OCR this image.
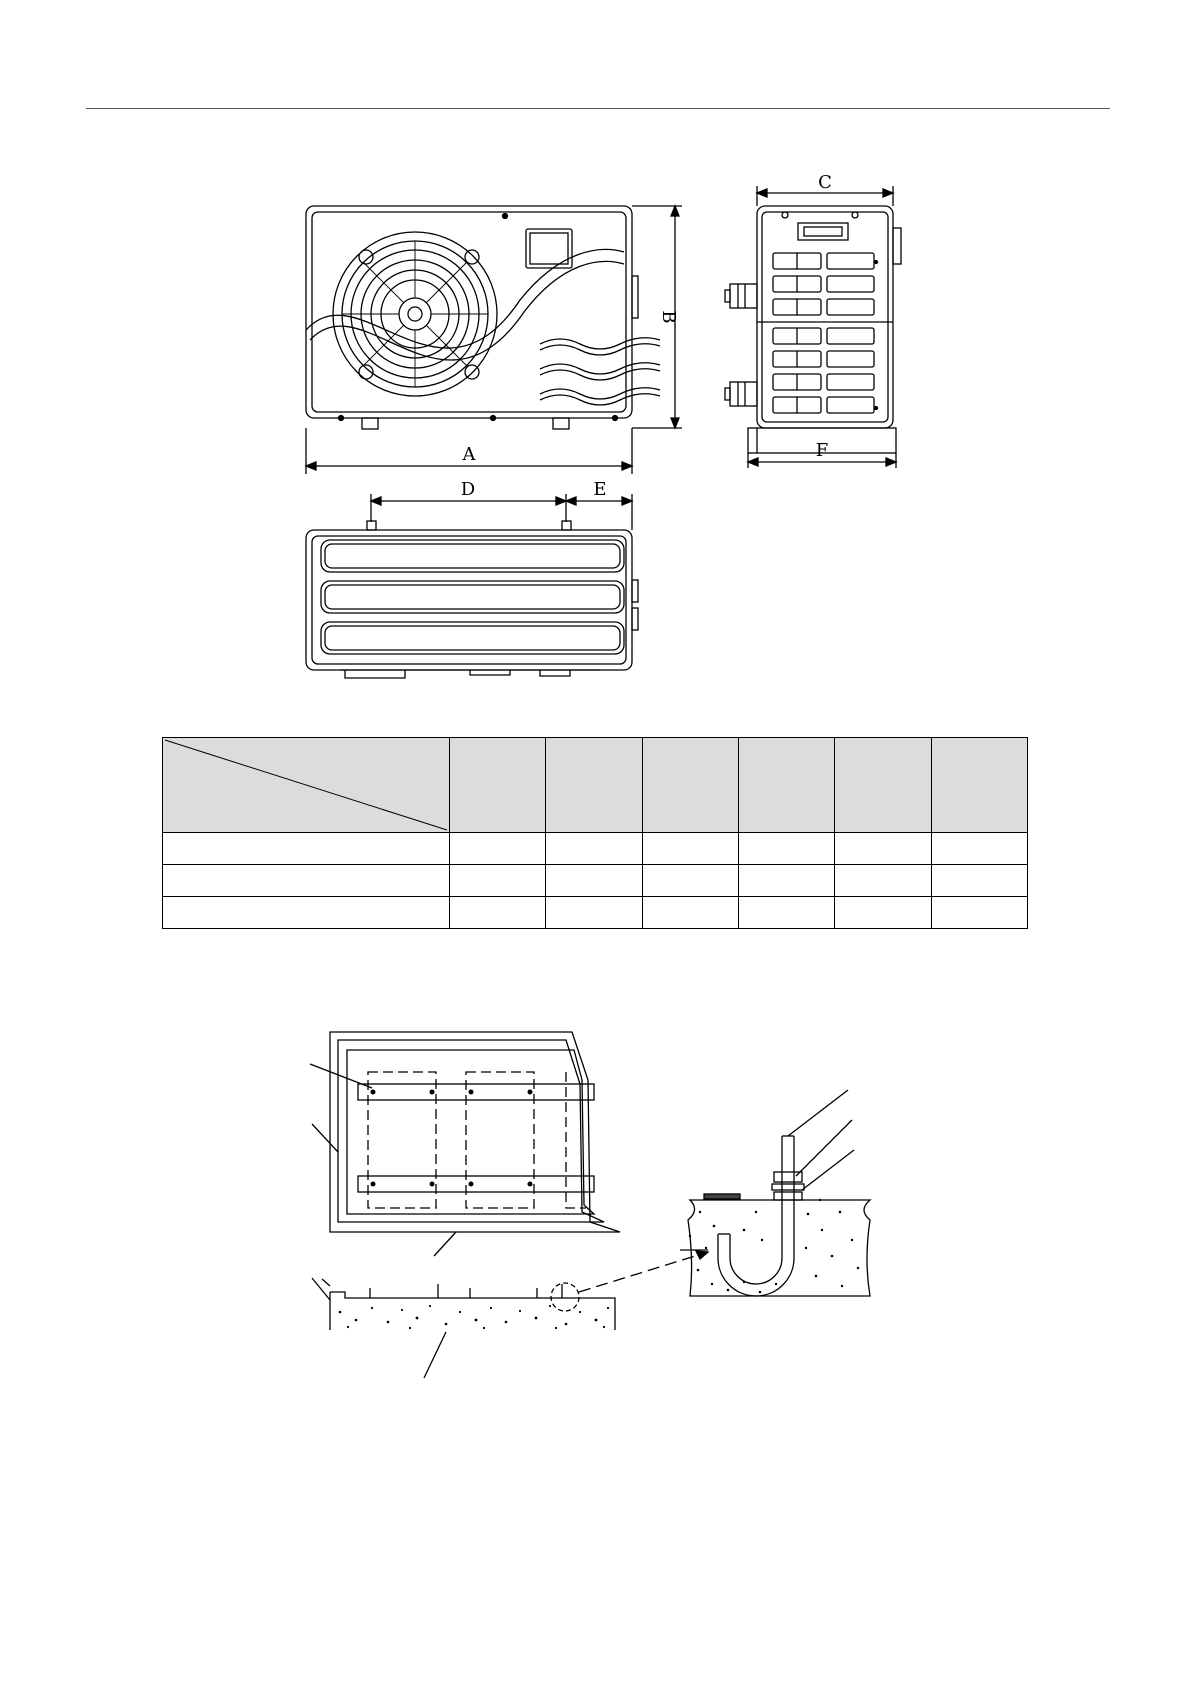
A
B
C
D	E
F
